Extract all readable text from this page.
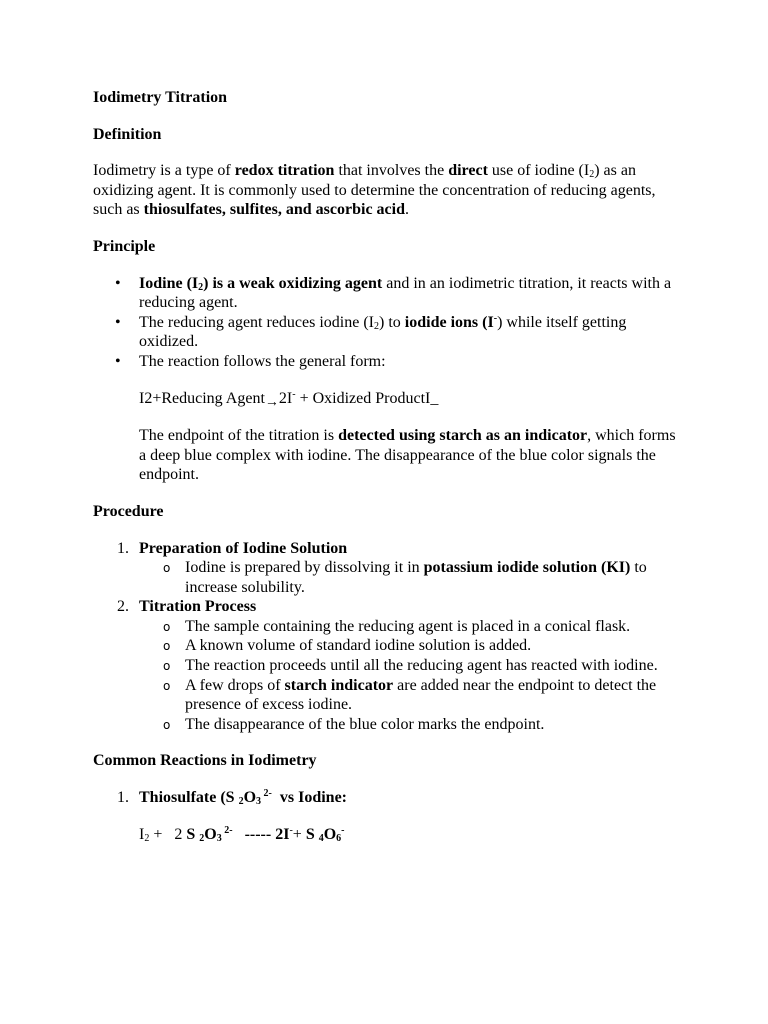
Iodimetry Titration
Definition

Iodimetry is a type of redox titration that involves the direct use of iodine $(I_2)$ as an oxidizing agent. It is commonly used to determine the concentration of reducing agents, such as thiosulfates, sulfites, and ascorbic acid.

Principle
• Iodine $(I_2)$ is a weak oxidizing agent and in an iodimetric titration, it reacts with a reducing agent.
• The reducing agent reduces iodine $(I_2)$ to iodide ions (I-) while itself getting oxidized.
• The reaction follows the general form:

I2+Reducing Agent→2I- + Oxidized ProductI_

The endpoint of the titration is detected using starch as an indicator, which forms a deep blue complex with iodine. The disappearance of the blue color signals the endpoint.

Procedure
1. Preparation of Iodine Solution
o Iodine is prepared by dissolving it in potassium iodide solution (KI) to increase solubility.
2. Titration Process
o The sample containing the reducing agent is placed in a conical flask.
o A known volume of standard iodine solution is added.
o The reaction proceeds until all the reducing agent has reacted with iodine.
o A few drops of starch indicator are added near the endpoint to detect the presence of excess iodine.
o The disappearance of the blue color marks the endpoint.
Common Reactions in Iodimetry
1. Thiosulfate (S $_2O_3$ $^{2-}$  vs Iodine:

$I_2 + 2$ S $_2O_3$ $^{2-}$   ----- 2I-+ S $_4O_6^-$
